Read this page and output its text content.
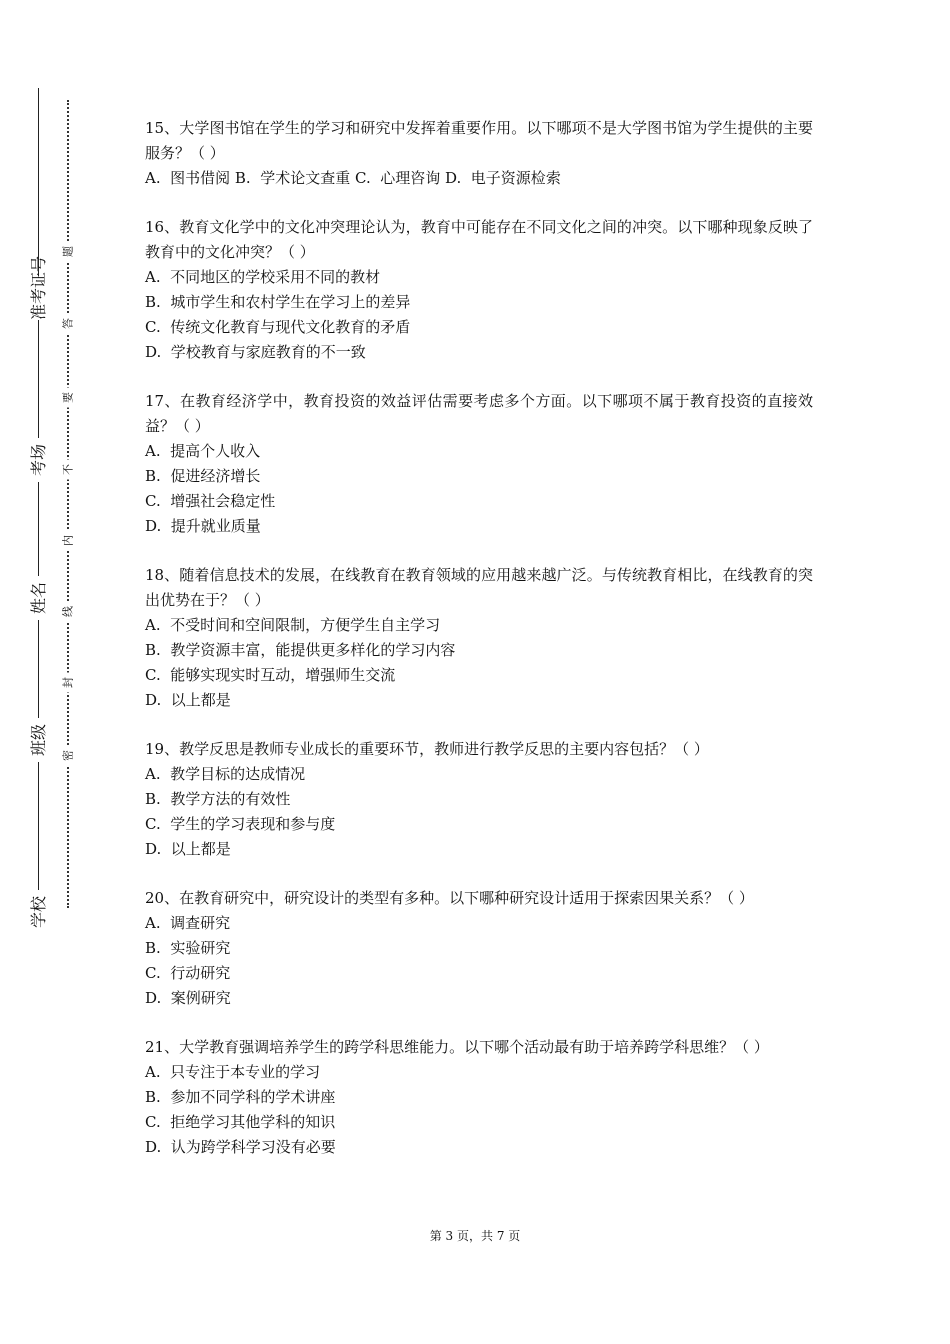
准考证号
考场
姓名
班级
学校
题
答
要
不
内
线
封
密

15、大学图书馆在学生的学习和研究中发挥着重要作用。以下哪项不是大学图书馆为学生提供的主要服务？（ ）

A.  图书借阅 B.  学术论文查重 C.  心理咨询 D.  电子资源检索

16、教育文化学中的文化冲突理论认为，教育中可能存在不同文化之间的冲突。以下哪种现象反映了教育中的文化冲突？（ ）

A.  不同地区的学校采用不同的教材

B.  城市学生和农村学生在学习上的差异

C.  传统文化教育与现代文化教育的矛盾

D.  学校教育与家庭教育的不一致

17、在教育经济学中，教育投资的效益评估需要考虑多个方面。以下哪项不属于教育投资的直接效益？（ ）

A.  提高个人收入

B.  促进经济增长

C.  增强社会稳定性

D.  提升就业质量

18、随着信息技术的发展，在线教育在教育领域的应用越来越广泛。与传统教育相比，在线教育的突出优势在于？（ ）

A.  不受时间和空间限制，方便学生自主学习

B.  教学资源丰富，能提供更多样化的学习内容

C.  能够实现实时互动，增强师生交流

D.  以上都是

19、教学反思是教师专业成长的重要环节，教师进行教学反思的主要内容包括？（ ）

A.  教学目标的达成情况

B.  教学方法的有效性

C.  学生的学习表现和参与度

D.  以上都是

20、在教育研究中，研究设计的类型有多种。以下哪种研究设计适用于探索因果关系？（ ）

A.  调查研究

B.  实验研究

C.  行动研究

D.  案例研究

21、大学教育强调培养学生的跨学科思维能力。以下哪个活动最有助于培养跨学科思维？（ ）

A.  只专注于本专业的学习

B.  参加不同学科的学术讲座

C.  拒绝学习其他学科的知识

D.  认为跨学科学习没有必要

第 3 页，共 7 页
